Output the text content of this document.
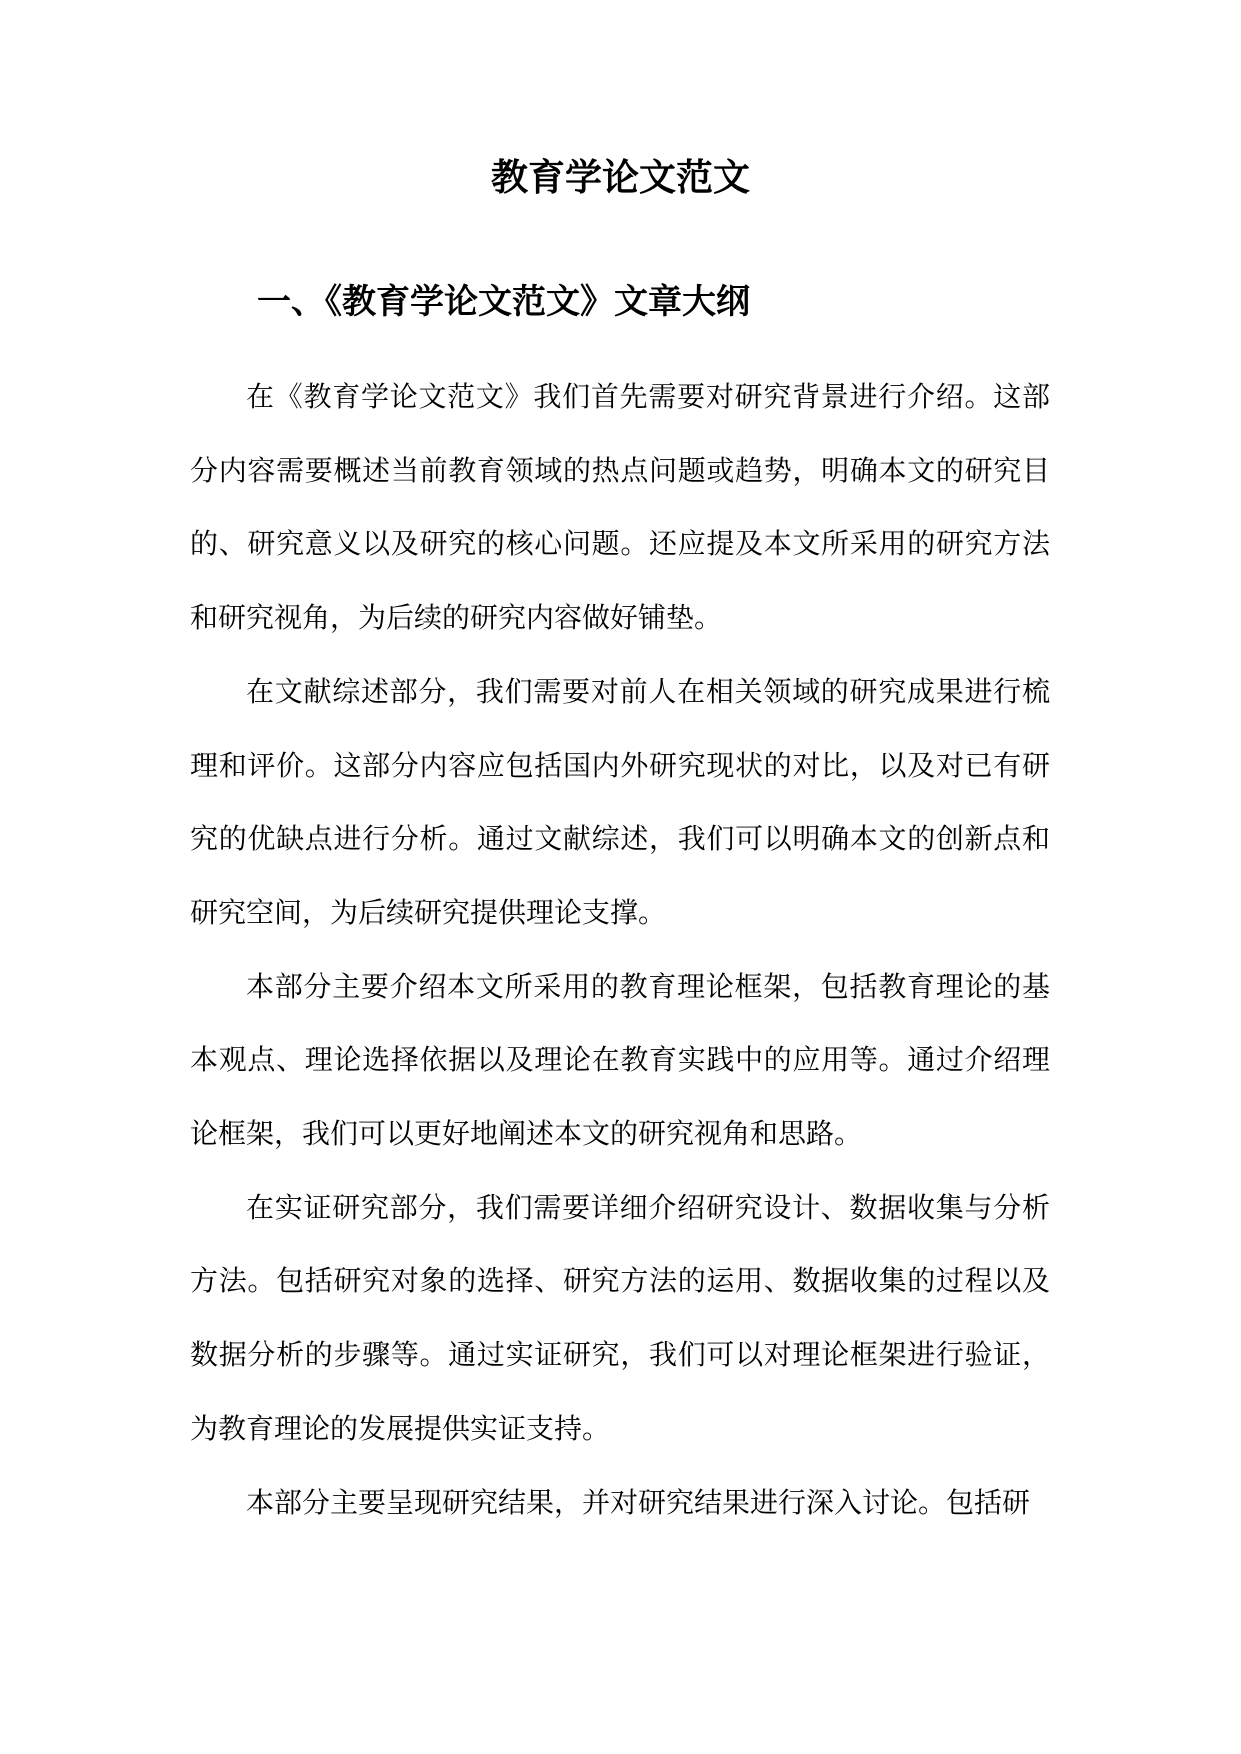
教育学论文范文
一、《教育学论文范文》文章大纲

在《教育学论文范文》我们首先需要对研究背景进行介绍。这部分内容需要概述当前教育领域的热点问题或趋势，明确本文的研究目的、研究意义以及研究的核心问题。还应提及本文所采用的研究方法和研究视角，为后续的研究内容做好铺垫。

在文献综述部分，我们需要对前人在相关领域的研究成果进行梳理和评价。这部分内容应包括国内外研究现状的对比，以及对已有研究的优缺点进行分析。通过文献综述，我们可以明确本文的创新点和研究空间，为后续研究提供理论支撑。

本部分主要介绍本文所采用的教育理论框架，包括教育理论的基本观点、理论选择依据以及理论在教育实践中的应用等。通过介绍理论框架，我们可以更好地阐述本文的研究视角和思路。

在实证研究部分，我们需要详细介绍研究设计、数据收集与分析方法。包括研究对象的选择、研究方法的运用、数据收集的过程以及数据分析的步骤等。通过实证研究，我们可以对理论框架进行验证，为教育理论的发展提供实证支持。

本部分主要呈现研究结果，并对研究结果进行深入讨论。包括研
